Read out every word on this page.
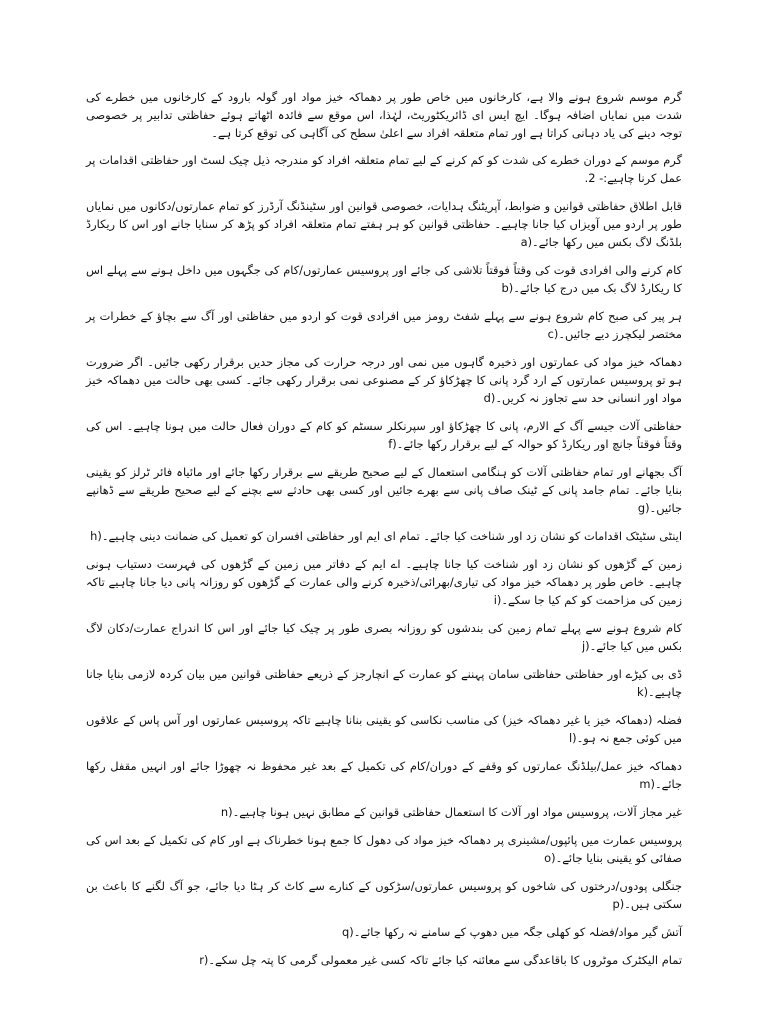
گرم موسم شروع ہونے والا ہے، کارخانوں میں خاص طور پر دھماکہ خیز مواد اور گولہ بارود کے کارخانوں میں خطرے کی شدت میں نمایاں اضافہ ہوگا۔ ایچ ایس ای ڈائریکٹوریٹ، لہٰذا، اس موقع سے فائدہ اٹھاتے ہوئے حفاظتی تدابیر پر خصوصی توجہ دینے کی یاد دہانی کراتا ہے اور تمام متعلقہ افراد سے اعلیٰ سطح کی آگاہی کی توقع کرتا ہے۔

گرم موسم کے دوران خطرے کی شدت کو کم کرنے کے لیے تمام متعلقہ افراد کو مندرجہ ذیل چیک لسٹ اور حفاظتی اقدامات پر عمل کرنا چاہیے:- .2

قابل اطلاق حفاظتی قوانین و ضوابط، آپریٹنگ ہدایات، خصوصی قوانین اور سٹینڈنگ آرڈرز کو تمام عمارتوں/دکانوں میں نمایاں طور پر اردو میں آویزاں کیا جانا چاہیے۔ حفاظتی قوانین کو ہر ہفتے تمام متعلقہ افراد کو پڑھ کر سنایا جانے اور اس کا ریکارڈ بلڈنگ لاگ بکس میں رکھا جائے۔a)

کام کرنے والی افرادی قوت کی وقتاً فوقتاً تلاشی کی جائے اور پروسیس عمارتوں/کام کی جگہوں میں داخل ہونے سے پہلے اس کا ریکارڈ لاگ بک میں درج کیا جائے۔b)

ہر پیر کی صبح کام شروع ہونے سے پہلے شفٹ رومز میں افرادی قوت کو اردو میں حفاظتی اور آگ سے بچاؤ کے خطرات پر مختصر لیکچرز دیے جائیں۔c)

دھماکہ خیز مواد کی عمارتوں اور ذخیرہ گاہوں میں نمی اور درجہ حرارت کی مجاز حدیں برقرار رکھی جائیں۔ اگر ضرورت ہو تو پروسیس عمارتوں کے ارد گرد پانی کا چھڑکاؤ کر کے مصنوعی نمی برقرار رکھی جائے۔ کسی بھی حالت میں دھماکہ خیز مواد اور انسانی حد سے تجاوز نہ کریں۔d)

حفاظتی آلات جیسے آگ کے الارم، پانی کا چھڑکاؤ اور سپرنکلر سسٹم کو کام کے دوران فعال حالت میں ہونا چاہیے۔ اس کی وقتاً فوقتاً جانچ اور ریکارڈ کو حوالہ کے لیے برقرار رکھا جائے۔f)

آگ بجھانے اور تمام حفاظتی آلات کو ہنگامی استعمال کے لیے صحیح طریقے سے برقرار رکھا جائے اور مائیاہ فائر ٹرلز کو یقینی بنایا جائے۔ تمام جامد پانی کے ٹینک صاف پانی سے بھرے جائیں اور کسی بھی حادثے سے بچنے کے لیے صحیح طریقے سے ڈھانپے جائیں۔g)

اینٹی سٹیٹک اقدامات کو نشان زد اور شناخت کیا جائے۔ تمام ای ایم اور حفاظتی افسران کو تعمیل کی ضمانت دینی چاہیے۔h)

زمین کے گڑھوں کو نشان زد اور شناخت کیا جانا چاہیے۔ اے ایم کے دفاتر میں زمین کے گڑھوں کی فہرست دستیاب ہونی چاہیے۔ خاص طور پر دھماکہ خیز مواد کی تیاری/بھرائی/ذخیرہ کرنے والی عمارت کے گڑھوں کو روزانہ پانی دیا جانا چاہیے تاکہ زمین کی مزاحمت کو کم کیا جا سکے۔i)

کام شروع ہونے سے پہلے تمام زمین کی بندشوں کو روزانہ بصری طور پر چیک کیا جائے اور اس کا اندراج عمارت/دکان لاگ بکس میں کیا جائے۔j)

ڈی بی کیڑے اور حفاظتی حفاظتی سامان پہننے کو عمارت کے انچارجز کے ذریعے حفاظتی قوانین میں بیان کردہ لازمی بنایا جانا چاہیے۔k)

فضلہ (دھماکہ خیز یا غیر دھماکہ خیز) کی مناسب نکاسی کو یقینی بنانا چاہیے تاکہ پروسیس عمارتوں اور آس پاس کے علاقوں میں کوئی جمع نہ ہو۔l)

دھماکہ خیز عمل/بیلڈنگ عمارتوں کو وقفے کے دوران/کام کی تکمیل کے بعد غیر محفوظ نہ چھوڑا جائے اور انہیں مقفل رکھا جائے۔m)

غیر مجاز آلات، پروسیس مواد اور آلات کا استعمال حفاظتی قوانین کے مطابق نہیں ہونا چاہیے۔n)

پروسیس عمارت میں پائپوں/مشینری پر دھماکہ خیز مواد کی دھول کا جمع ہونا خطرناک ہے اور کام کی تکمیل کے بعد اس کی صفائی کو یقینی بنایا جائے۔o)

جنگلی پودوں/درختوں کی شاخوں کو پروسیس عمارتوں/سڑکوں کے کنارے سے کاٹ کر ہٹا دیا جائے، جو آگ لگنے کا باعث بن سکتی ہیں۔p)

آتش گیر مواد/فضلہ کو کھلی جگہ میں دھوپ کے سامنے نہ رکھا جائے۔q)

تمام الیکٹرک موٹروں کا باقاعدگی سے معائنہ کیا جائے تاکہ کسی غیر معمولی گرمی کا پتہ چل سکے۔r)
